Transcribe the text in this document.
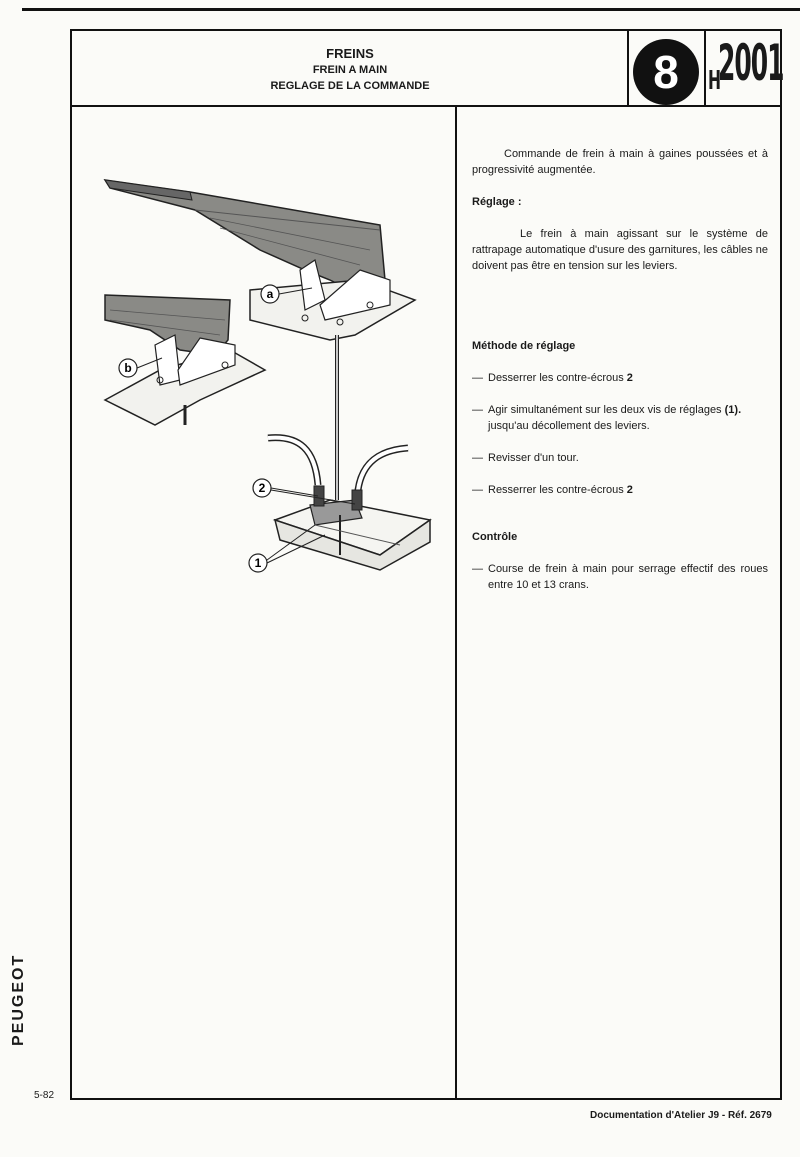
FREINS
FREIN A MAIN
REGLAGE DE LA COMMANDE	8	H
2001
a
b
2
1
Commande de frein à main à gaines poussées et à progressivité augmentée.
Réglage :
Le frein à main agissant sur le système de rattrapage automatique d'usure des garnitures, les câbles ne doivent pas être en tension sur les leviers.
Méthode de réglage
— Desserrer les contre-écrous 2
— Agir simultanément sur les deux vis de réglages (1). jusqu'au décollement des leviers.
— Revisser d'un tour.
— Resserrer les contre-écrous 2
Contrôle
— Course de frein à main pour serrage effectif des roues entre 10 et 13 crans.
Documentation d'Atelier J9 - Réf. 2679
5-82
PEUGEOT
